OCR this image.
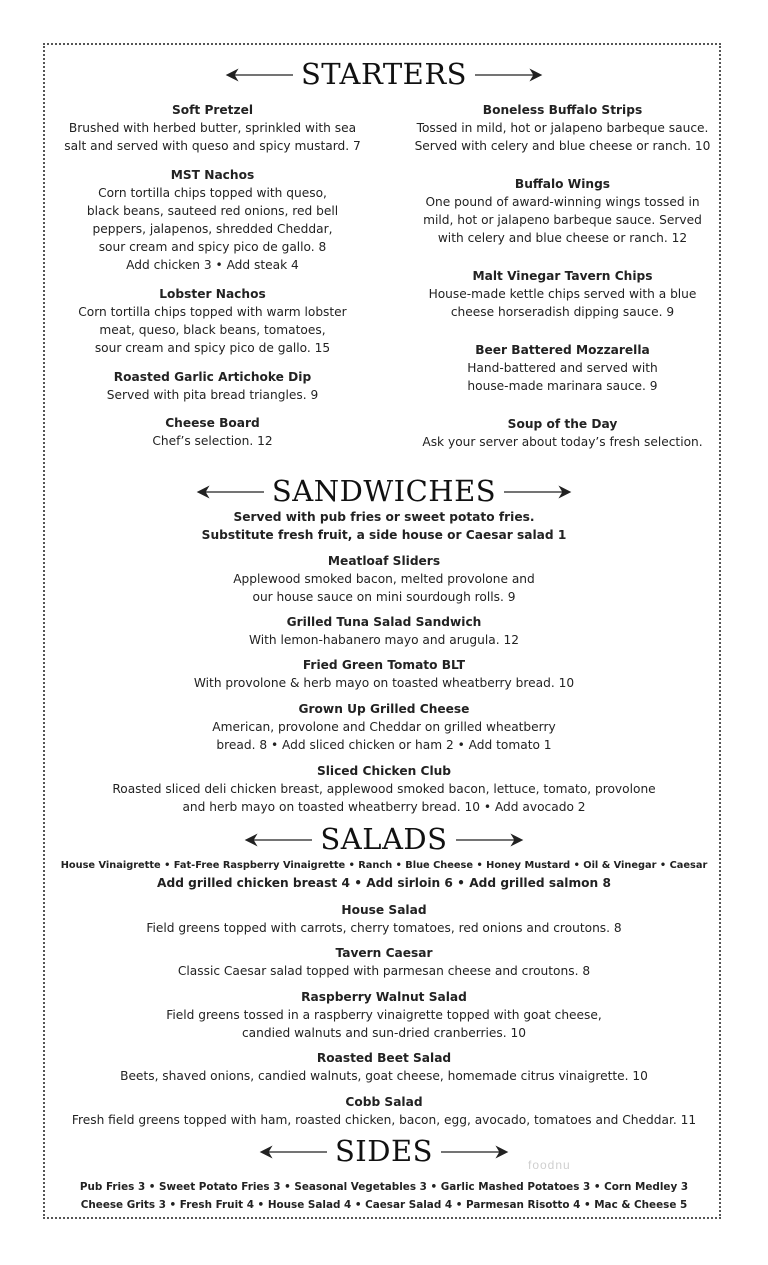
STARTERS
Soft Pretzel
Brushed with herbed butter, sprinkled with sea
salt and served with queso and spicy mustard. 7
MST Nachos
Corn tortilla chips topped with queso,
black beans, sauteed red onions, red bell
peppers, jalapenos, shredded Cheddar,
sour cream and spicy pico de gallo. 8
Add chicken 3 • Add steak 4
Lobster Nachos
Corn tortilla chips topped with warm lobster
meat, queso, black beans, tomatoes,
sour cream and spicy pico de gallo. 15
Roasted Garlic Artichoke Dip
Served with pita bread triangles. 9
Cheese Board
Chef’s selection. 12
Boneless Buffalo Strips
Tossed in mild, hot or jalapeno barbeque sauce.
Served with celery and blue cheese or ranch. 10
Buffalo Wings
One pound of award-winning wings tossed in
mild, hot or jalapeno barbeque sauce. Served
with celery and blue cheese or ranch. 12
Malt Vinegar Tavern Chips
House-made kettle chips served with a blue
cheese horseradish dipping sauce. 9
Beer Battered Mozzarella
Hand-battered and served with
house-made marinara sauce. 9
Soup of the Day
Ask your server about today’s fresh selection.
SANDWICHES
Served with pub fries or sweet potato fries.
Substitute fresh fruit, a side house or Caesar salad 1
Meatloaf Sliders
Applewood smoked bacon, melted provolone and
our house sauce on mini sourdough rolls. 9
Grilled Tuna Salad Sandwich
With lemon-habanero mayo and arugula. 12
Fried Green Tomato BLT
With provolone & herb mayo on toasted wheatberry bread. 10
Grown Up Grilled Cheese
American, provolone and Cheddar on grilled wheatberry
bread. 8 • Add sliced chicken or ham 2 • Add tomato 1
Sliced Chicken Club
Roasted sliced deli chicken breast, applewood smoked bacon, lettuce, tomato, provolone
and herb mayo on toasted wheatberry bread. 10 • Add avocado 2
SALADS
House Vinaigrette • Fat-Free Raspberry Vinaigrette • Ranch • Blue Cheese • Honey Mustard • Oil & Vinegar • Caesar
Add grilled chicken breast 4 • Add sirloin 6 • Add grilled salmon 8
House Salad
Field greens topped with carrots, cherry tomatoes, red onions and croutons. 8
Tavern Caesar
Classic Caesar salad topped with parmesan cheese and croutons. 8
Raspberry Walnut Salad
Field greens tossed in a raspberry vinaigrette topped with goat cheese,
candied walnuts and sun-dried cranberries. 10
Roasted Beet Salad
Beets, shaved onions, candied walnuts, goat cheese, homemade citrus vinaigrette. 10
Cobb Salad
Fresh field greens topped with ham, roasted chicken, bacon, egg, avocado, tomatoes and Cheddar. 11
SIDES	foodnu
Pub Fries 3 • Sweet Potato Fries 3 • Seasonal Vegetables 3 • Garlic Mashed Potatoes 3 • Corn Medley 3
Cheese Grits 3 • Fresh Fruit 4 • House Salad 4 • Caesar Salad 4 • Parmesan Risotto 4 • Mac & Cheese 5
